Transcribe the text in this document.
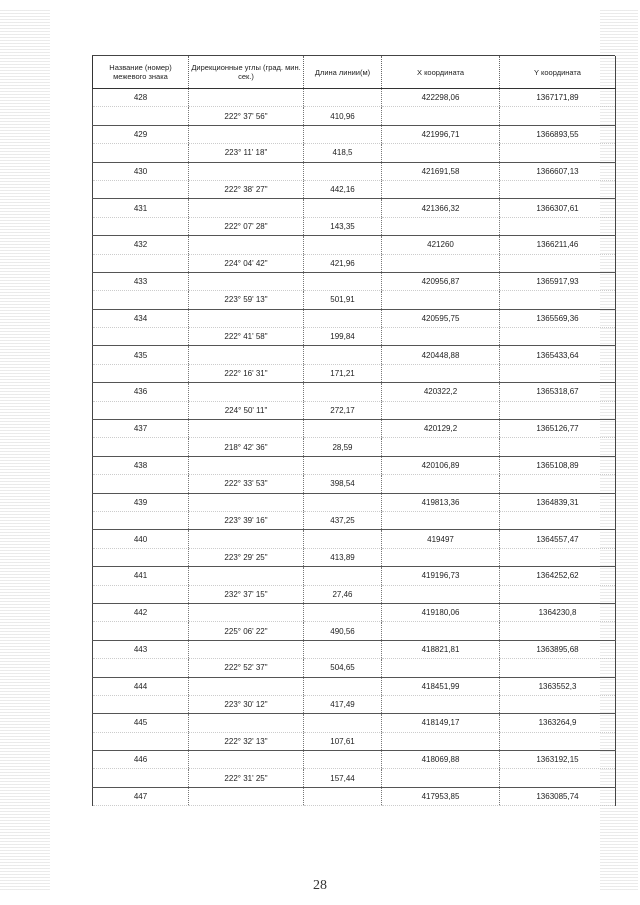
Название (номер) межевого знака	Дирекционные углы (град. мин. сек.)	Длина линии(м)	X координата	Y координата
428			422298,06	1367171,89
	222° 37' 56"	410,96		
429			421996,71	1366893,55
	223° 11' 18"	418,5		
430			421691,58	1366607,13
	222° 38' 27"	442,16		
431			421366,32	1366307,61
	222° 07' 28"	143,35		
432			421260	1366211,46
	224° 04' 42"	421,96		
433			420956,87	1365917,93
	223° 59' 13"	501,91		
434			420595,75	1365569,36
	222° 41' 58"	199,84		
435			420448,88	1365433,64
	222° 16' 31"	171,21		
436			420322,2	1365318,67
	224° 50' 11"	272,17		
437			420129,2	1365126,77
	218° 42' 36"	28,59		
438			420106,89	1365108,89
	222° 33' 53"	398,54		
439			419813,36	1364839,31
	223° 39' 16"	437,25		
440			419497	1364557,47
	223° 29' 25"	413,89		
441			419196,73	1364252,62
	232° 37' 15"	27,46		
442			419180,06	1364230,8
	225° 06' 22"	490,56		
443			418821,81	1363895,68
	222° 52' 37"	504,65		
444			418451,99	1363552,3
	223° 30' 12"	417,49		
445			418149,17	1363264,9
	222° 32' 13"	107,61		
446			418069,88	1363192,15
	222° 31' 25"	157,44		
447			417953,85	1363085,74
28
